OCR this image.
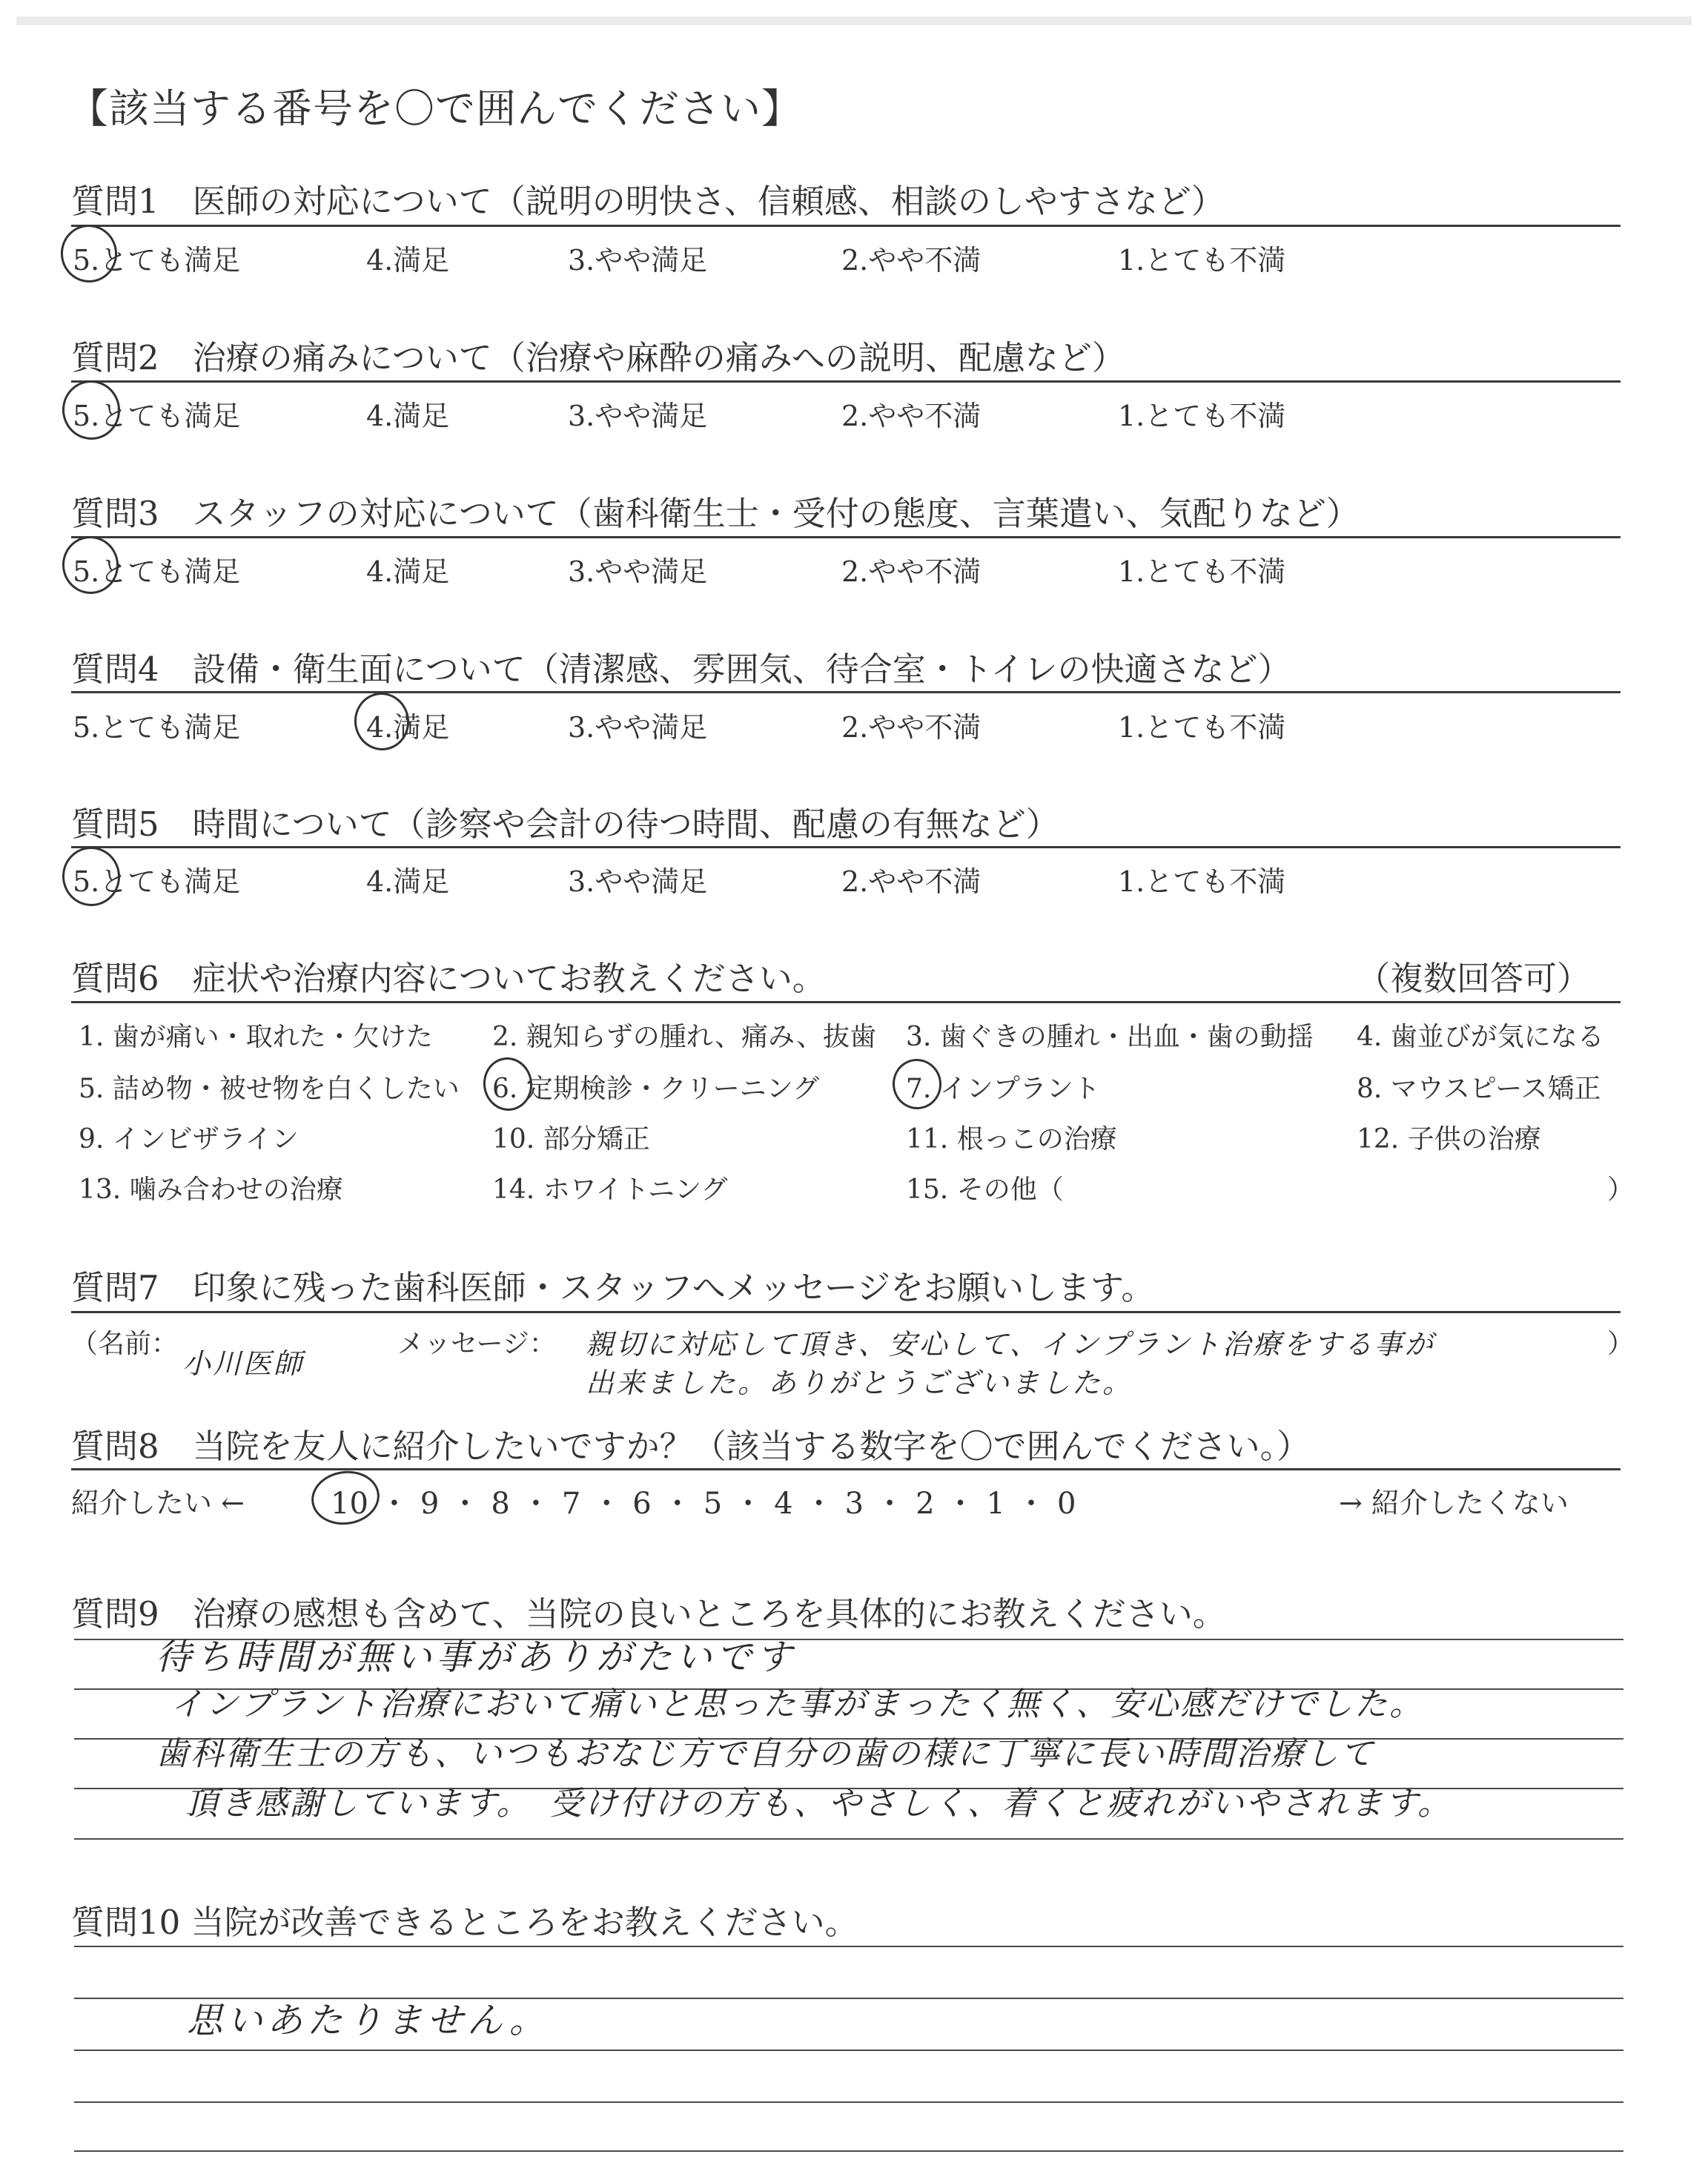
【該当する番号を〇で囲んでください】
質問1　医師の対応について（説明の明快さ、信頼感、相談のしやすさなど）
5.とても満足	4.満足	3.やや満足	2.やや不満	1.とても不満
質問2　治療の痛みについて（治療や麻酔の痛みへの説明、配慮など）
5.とても満足	4.満足	3.やや満足	2.やや不満	1.とても不満
質問3　スタッフの対応について（歯科衛生士・受付の態度、言葉遣い、気配りなど）
5.とても満足	4.満足	3.やや満足	2.やや不満	1.とても不満
質問4　設備・衛生面について（清潔感、雰囲気、待合室・トイレの快適さなど）
5.とても満足	4.満足	3.やや満足	2.やや不満	1.とても不満
質問5　時間について（診察や会計の待つ時間、配慮の有無など）
5.とても満足	4.満足	3.やや満足	2.やや不満	1.とても不満
質問6　症状や治療内容についてお教えください。	（複数回答可）
1. 歯が痛い・取れた・欠けた 2. 親知らずの腫れ、痛み、抜歯 3. 歯ぐきの腫れ・出血・歯の動揺 4. 歯並びが気になる
5. 詰め物・被せ物を白くしたい 6. 定期検診・クリーニング	7. インプラント	8. マウスピース矯正
9. インビザライン	10. 部分矯正	11. 根っこの治療	12. 子供の治療
13. 噛み合わせの治療	14. ホワイトニング	15. その他（	）
質問7　印象に残った歯科医師・スタッフへメッセージをお願いします。
（名前：
小川医師
メッセージ： 親切に対応して頂き、安心して、インプラント治療をする事が
出来ました。ありがとうございました。
）
質問8　当院を友人に紹介したいですか？（該当する数字を〇で囲んでください。）
紹介したい ←	10 ・ 9 ・ 8 ・ 7 ・ 6 ・ 5 ・ 4 ・ 3 ・ 2 ・ 1 ・ 0	→ 紹介したくない
質問9　治療の感想も含めて、当院の良いところを具体的にお教えください。
待ち時間が無い事がありがたいです
インプラント治療において痛いと思った事がまったく無く、安心感だけでした。
歯科衛生士の方も、いつもおなじ方で自分の歯の様に丁寧に長い時間治療して
頂き感謝しています。　受け付けの方も、やさしく、着くと疲れがいやされます。
質問10 当院が改善できるところをお教えください。
思いあたりません。
